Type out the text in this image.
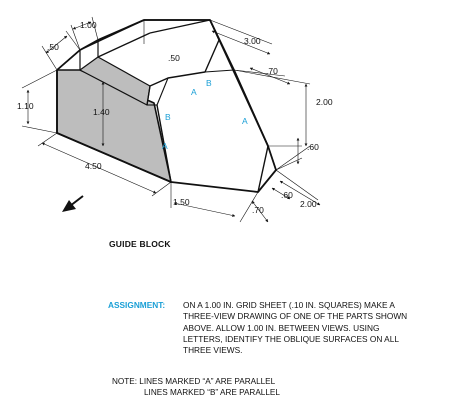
1.00
.50
.50
3.00
.70
2.00
1.10
1.40
.60
4.50
1.50
.60
2.00
.70
B
A
B	A
A
GUIDE BLOCK
ASSIGNMENT: ON A 1.00 IN. GRID SHEET (.10 IN. SQUARES) MAKE A
THREE-VIEW DRAWING OF ONE OF THE PARTS SHOWN
ABOVE. ALLOW 1.00 IN. BETWEEN VIEWS. USING
LETTERS, IDENTIFY THE OBLIQUE SURFACES ON ALL
THREE VIEWS.
NOTE: LINES MARKED “A” ARE PARALLEL
LINES MARKED “B” ARE PARALLEL
